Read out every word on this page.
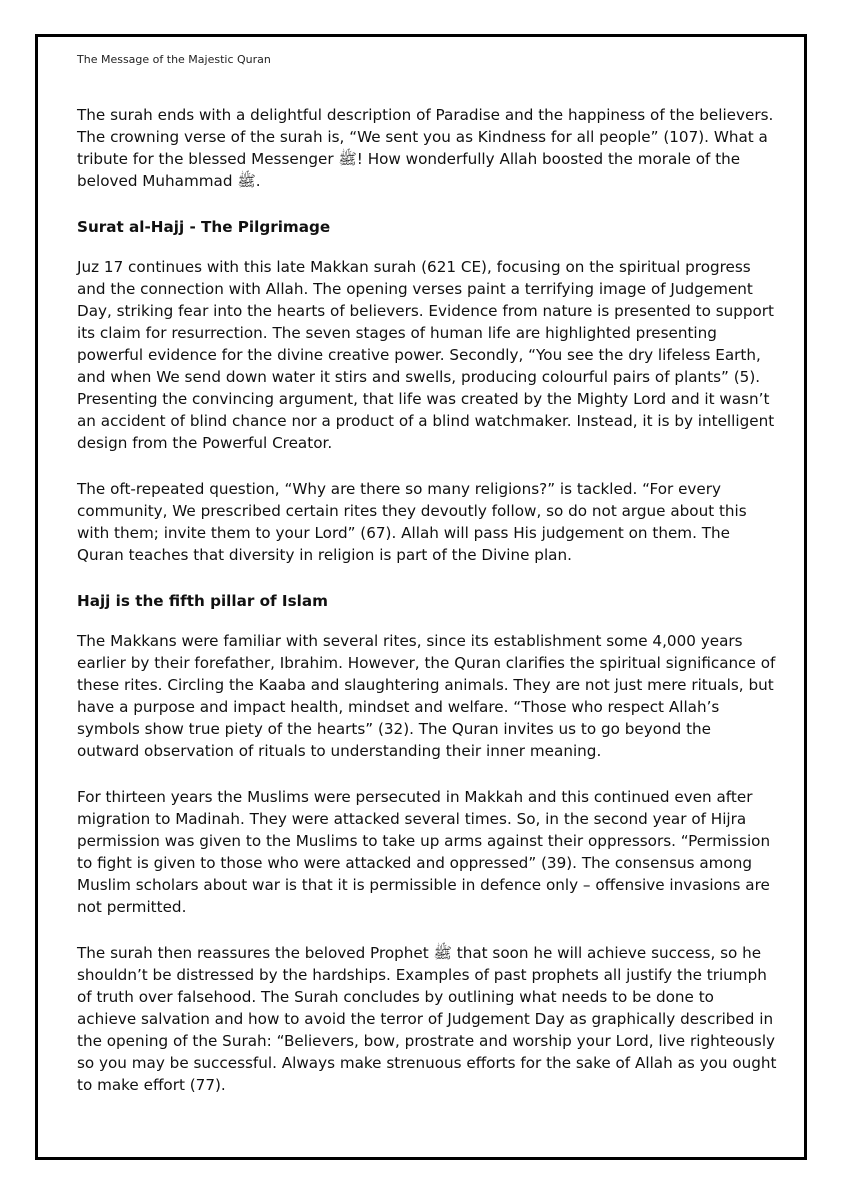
The Message of the Majestic Quran

The surah ends with a delightful description of Paradise and the happiness of the believers. The crowning verse of the surah is, “We sent you as Kindness for all people” (107). What a tribute for the blessed Messenger ﷺ! How wonderfully Allah boosted the morale of the beloved Muhammad ﷺ.

Surat al-Hajj - The Pilgrimage

Juz 17 continues with this late Makkan surah (621 CE), focusing on the spiritual progress and the connection with Allah. The opening verses paint a terrifying image of Judgement Day, striking fear into the hearts of believers. Evidence from nature is presented to support its claim for resurrection. The seven stages of human life are highlighted presenting powerful evidence for the divine creative power. Secondly, “You see the dry lifeless Earth, and when We send down water it stirs and swells, producing colourful pairs of plants” (5). Presenting the convincing argument, that life was created by the Mighty Lord and it wasn’t an accident of blind chance nor a product of a blind watchmaker. Instead, it is by intelligent design from the Powerful Creator.

The oft-repeated question, “Why are there so many religions?” is tackled. “For every community, We prescribed certain rites they devoutly follow, so do not argue about this with them; invite them to your Lord” (67). Allah will pass His judgement on them. The Quran teaches that diversity in religion is part of the Divine plan.

Hajj is the fifth pillar of Islam

The Makkans were familiar with several rites, since its establishment some 4,000 years earlier by their forefather, Ibrahim. However, the Quran clarifies the spiritual significance of these rites. Circling the Kaaba and slaughtering animals. They are not just mere rituals, but have a purpose and impact health, mindset and welfare. “Those who respect Allah’s symbols show true piety of the hearts” (32). The Quran invites us to go beyond the outward observation of rituals to understanding their inner meaning.

For thirteen years the Muslims were persecuted in Makkah and this continued even after migration to Madinah. They were attacked several times. So, in the second year of Hijra permission was given to the Muslims to take up arms against their oppressors. “Permission to fight is given to those who were attacked and oppressed” (39). The consensus among Muslim scholars about war is that it is permissible in defence only – offensive invasions are not permitted.

The surah then reassures the beloved Prophet ﷺ that soon he will achieve success, so he shouldn’t be distressed by the hardships. Examples of past prophets all justify the triumph of truth over falsehood. The Surah concludes by outlining what needs to be done to achieve salvation and how to avoid the terror of Judgement Day as graphically described in the opening of the Surah: “Believers, bow, prostrate and worship your Lord, live righteously so you may be successful. Always make strenuous efforts for the sake of Allah as you ought to make effort (77).
